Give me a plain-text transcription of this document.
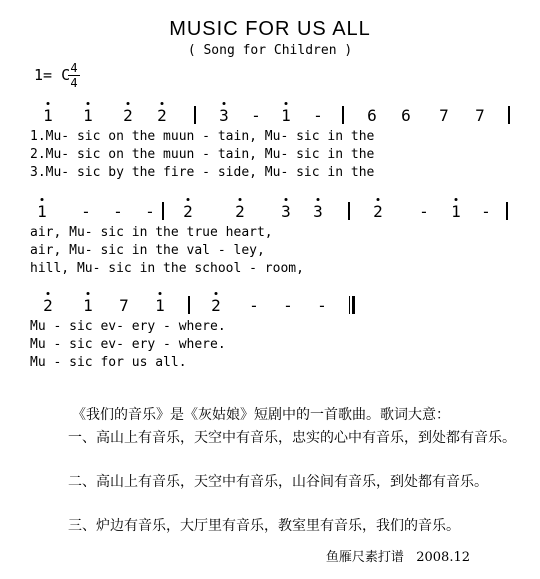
MUSIC FOR US ALL
( Song for Children )
1= C 4
4
1 1 2 2	3 - 1 -	6 6 7 7
1.Mu- sic on the muun - tain, Mu- sic in the
2.Mu- sic on the muun - tain, Mu- sic in the
3.Mu- sic by the fire - side, Mu- sic in the
1 - - - 2	2 3 3	2 - 1 -
air, Mu- sic in the true heart,
air, Mu- sic in the val - ley,
hill, Mu- sic in the school - room,
2 1 7 1	2 - - -
Mu - sic ev- ery - where.
Mu - sic ev- ery - where.
Mu - sic for us all.
《我们的音乐》是《灰姑娘》短剧中的一首歌曲。歌词大意：
一、高山上有音乐，天空中有音乐，忠实的心中有音乐，到处都有音乐。
二、高山上有音乐，天空中有音乐，山谷间有音乐，到处都有音乐。
三、炉边有音乐，大厅里有音乐，教室里有音乐，我们的音乐。
鱼雁尺素打谱   2008.12
